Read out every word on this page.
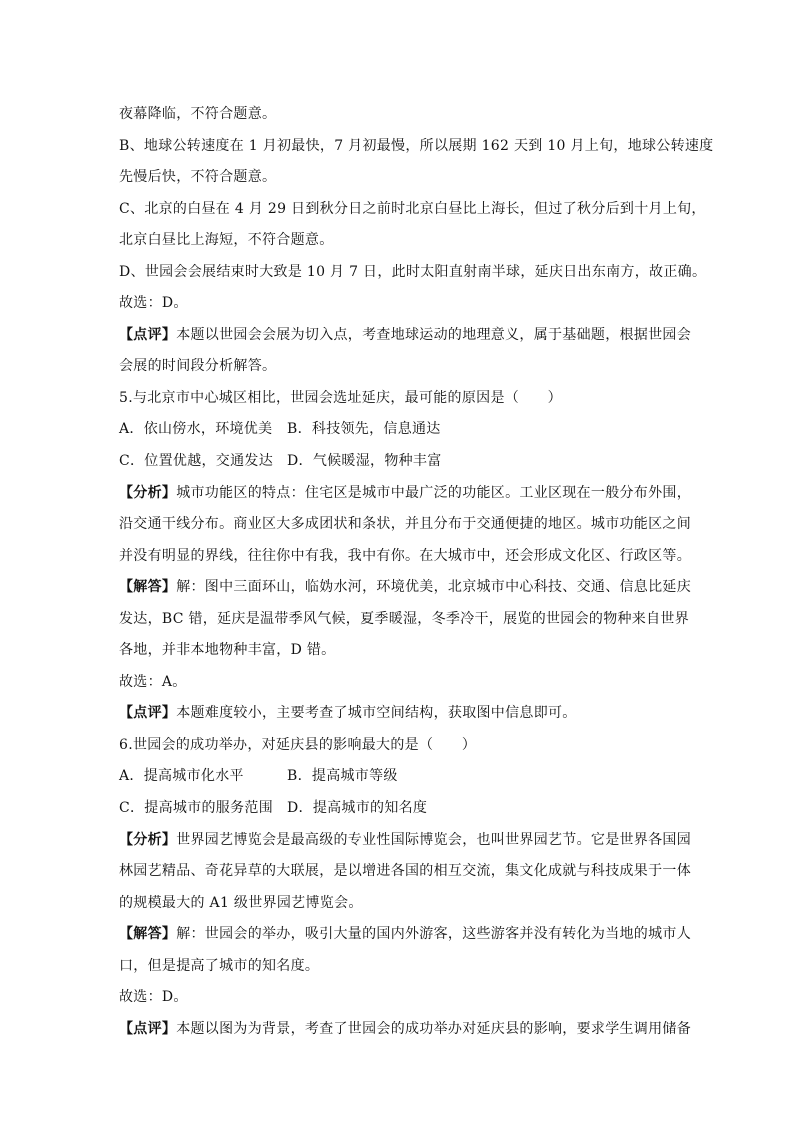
夜幕降临，不符合题意。

B、地球公转速度在 1 月初最快，7 月初最慢，所以展期 162 天到 10 月上旬，地球公转速度

先慢后快，不符合题意。

C、北京的白昼在 4 月 29 日到秋分日之前时北京白昼比上海长，但过了秋分后到十月上旬，

北京白昼比上海短，不符合题意。

D、世园会会展结束时大致是 10 月 7 日，此时太阳直射南半球，延庆日出东南方，故正确。

故选：D。

【点评】本题以世园会会展为切入点，考查地球运动的地理意义，属于基础题，根据世园会

会展的时间段分析解答。

5.与北京市中心城区相比，世园会选址延庆，最可能的原因是（　　）

A．依山傍水，环境优美 B．科技领先，信息通达

C．位置优越，交通发达 D．气候暖湿，物种丰富

【分析】城市功能区的特点：住宅区是城市中最广泛的功能区。工业区现在一般分布外围，

沿交通干线分布。商业区大多成团状和条状，并且分布于交通便捷的地区。城市功能区之间

并没有明显的界线，往往你中有我，我中有你。在大城市中，还会形成文化区、行政区等。

【解答】解：图中三面环山，临妫水河，环境优美，北京城市中心科技、交通、信息比延庆

发达，BC 错，延庆是温带季风气候，夏季暖湿，冬季冷干，展览的世园会的物种来自世界

各地，并非本地物种丰富，D 错。

故选：A。

【点评】本题难度较小，主要考查了城市空间结构，获取图中信息即可。

6.世园会的成功举办，对延庆县的影响最大的是（　　）

A．提高城市化水平	B．提高城市等级

C．提高城市的服务范围 D．提高城市的知名度

【分析】世界园艺博览会是最高级的专业性国际博览会，也叫世界园艺节。它是世界各国园

林园艺精品、奇花异草的大联展，是以增进各国的相互交流，集文化成就与科技成果于一体

的规模最大的 A1 级世界园艺博览会。

【解答】解：世园会的举办，吸引大量的国内外游客，这些游客并没有转化为当地的城市人

口，但是提高了城市的知名度。

故选：D。

【点评】本题以图为为背景，考查了世园会的成功举办对延庆县的影响，要求学生调用储备
